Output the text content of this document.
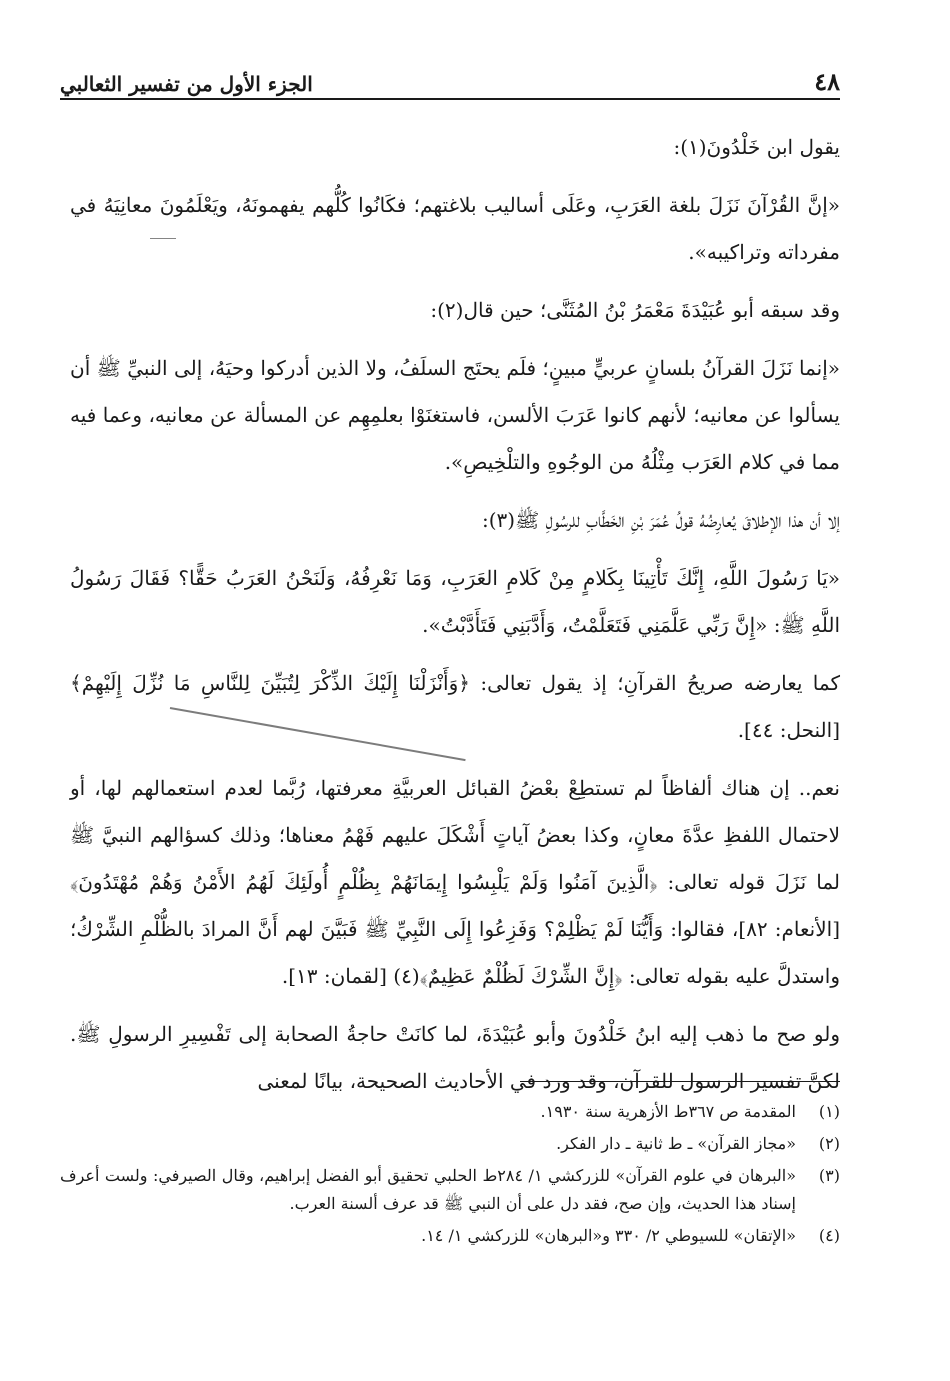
٤٨
الجزء الأول من تفسير الثعالبي

يقول ابن خَلْدُونَ(١):

«إنَّ القُرْآنَ نَزَلَ بلغة العَرَبِ، وعَلَى أساليب بلاغتهم؛ فكَانُوا كُلُّهم يفهمونَهُ، ويَعْلَمُونَ معانِيَهُ في مفرداته وتراكيبه».

وقد سبقه أبو عُبَيْدَةَ مَعْمَرُ بْنُ المُثَنَّى؛ حين قال(٢):

«إنما نَزَلَ القرآنُ بلسانٍ عربيٍّ مبينٍ؛ فلَم يحتَج السلَفُ، ولا الذين أدركوا وحيَهُ، إلى النبيِّ ﷺ أن يسألوا عن معانيه؛ لأنهم كانوا عَرَبَ الألسن، فاستغنَوْا بعلمِهِم عن المسألة عن معانيه، وعما فيه مما في كلام العَرَب مِثْلُهُ من الوجُوهِ والتلْخِيصِ».

إلا أن هذا الإطلاقَ يُعارِضُهُ قولُ عُمَرَ بْنِ الخَطَّابِ للرسُولِ ﷺ(٣):

«يَا رَسُولَ اللَّهِ، إِنَّكَ تَأْتِينَا بِكَلامٍ مِنْ كَلامِ العَرَبِ، وَمَا نَعْرِفُهُ، وَلَنَحْنُ العَرَبُ حَقًّا؟ فَقَالَ رَسُولُ اللَّهِ ﷺ: «إِنَّ رَبِّي عَلَّمَنِي فَتَعَلَّمْتُ، وَأَدَّبَنِي فَتَأَدَّبْتُ».

كما يعارضه صريحُ القرآنِ؛ إذ يقول تعالى: ﴿وَأَنْزَلْنَا إِلَيْكَ الذِّكْرَ لِتُبَيِّنَ لِلنَّاسِ مَا نُزِّلَ إِلَيْهِمْ﴾ [النحل: ٤٤].

نعم.. إن هناك ألفاظاً لم تستطِعْ بعْضُ القبائل العربيَّةِ معرفتها، رُبَّما لعدم استعمالهم لها، أو لاحتمال اللفظِ عدَّةَ معانٍ، وكذا بعضُ آياتٍ أَشْكَلَ عليهم فَهْمُ معناها؛ وذلك كسؤالهم النبيَّ ﷺ لما نَزَلَ قوله تعالى: ﴿الَّذِينَ آمَنُوا وَلَمْ يَلْبِسُوا إِيمَانَهُمْ بِظُلْمٍ أُولَئِكَ لَهُمُ الأَمْنُ وَهُمْ مُهْتَدُونَ﴾ [الأنعام: ٨٢]، فقالوا: وَأَيُّنَا لَمْ يَظْلِمْ؟ وَفَزِعُوا إِلَى النَّبِيِّ ﷺ فَبَيَّنَ لهم أَنَّ المرادَ بالظُّلْمِ الشِّرْكُ؛ واستدلَّ عليه بقوله تعالى: ﴿إِنَّ الشِّرْكَ لَظُلْمٌ عَظِيمٌ﴾(٤) [لقمان: ١٣].

ولو صح ما ذهب إليه ابنُ خَلْدُونَ وأبو عُبَيْدَةَ، لما كانَتْ حاجةُ الصحابة إلى تَفْسِيرِ الرسولِ ﷺ. لكنَّ تفسير الرسول للقرآن، وقد ورد في الأحاديث الصحيحة، بيانًا لمعنى

(١)
المقدمة ص ٣٦٧ط الأزهرية سنة ١٩٣٠.
(٢)
«مجاز القرآن» ـ ط ثانية ـ دار الفكر.
(٣)
«البرهان في علوم القرآن» للزركشي ١/ ٢٨٤ط الحلبي تحقيق أبو الفضل إبراهيم، وقال الصيرفي: ولست أعرف إسناد هذا الحديث، وإن صح، فقد دل على أن النبي ﷺ قد عرف ألسنة العرب.
(٤)
«الإتقان» للسيوطي ٢/ ٣٣٠ و«البرهان» للزركشي ١/ ١٤.
